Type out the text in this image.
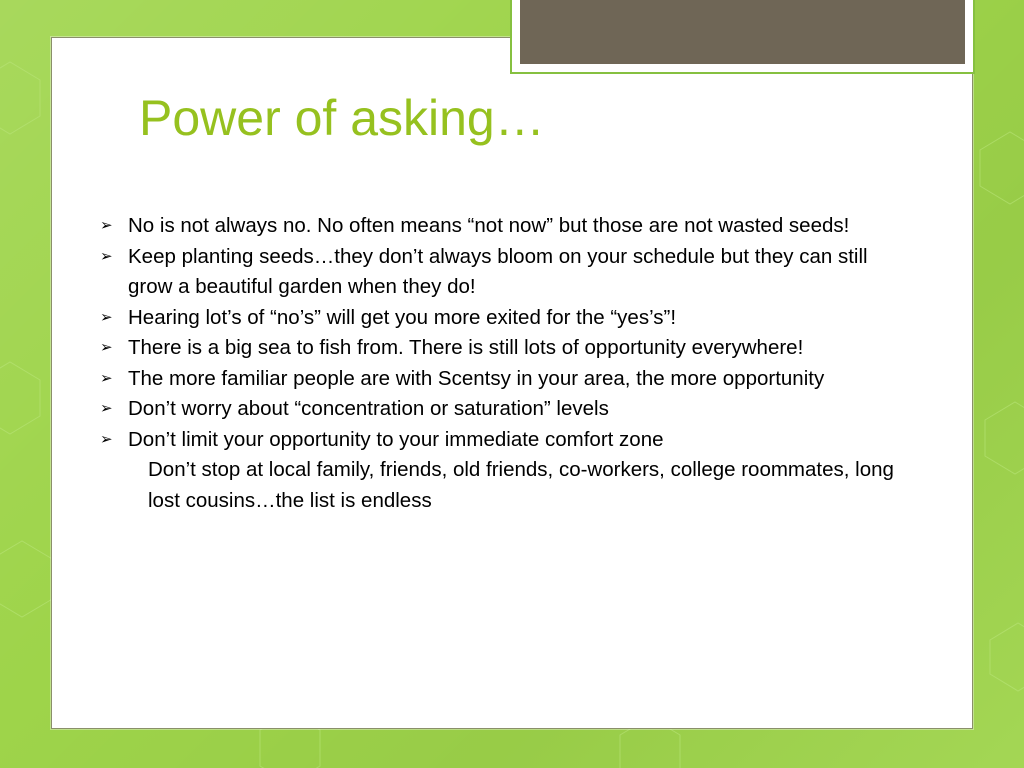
Power of asking…
➢ No is not always no. No often means “not now” but those are not wasted seeds!
➢ Keep planting seeds…they don’t always bloom on your schedule but they can still grow a beautiful garden when they do!
➢ Hearing lot’s of “no’s” will get you more exited for the “yes’s”!
➢ There is a big sea to fish from. There is still lots of opportunity everywhere!
➢ The more familiar people are with Scentsy in your area, the more opportunity
➢ Don’t worry about “concentration or saturation” levels
➢ Don’t limit your opportunity to your immediate comfort zone
Don’t stop at local family, friends, old friends, co-workers, college roommates, long lost cousins…the list is endless
